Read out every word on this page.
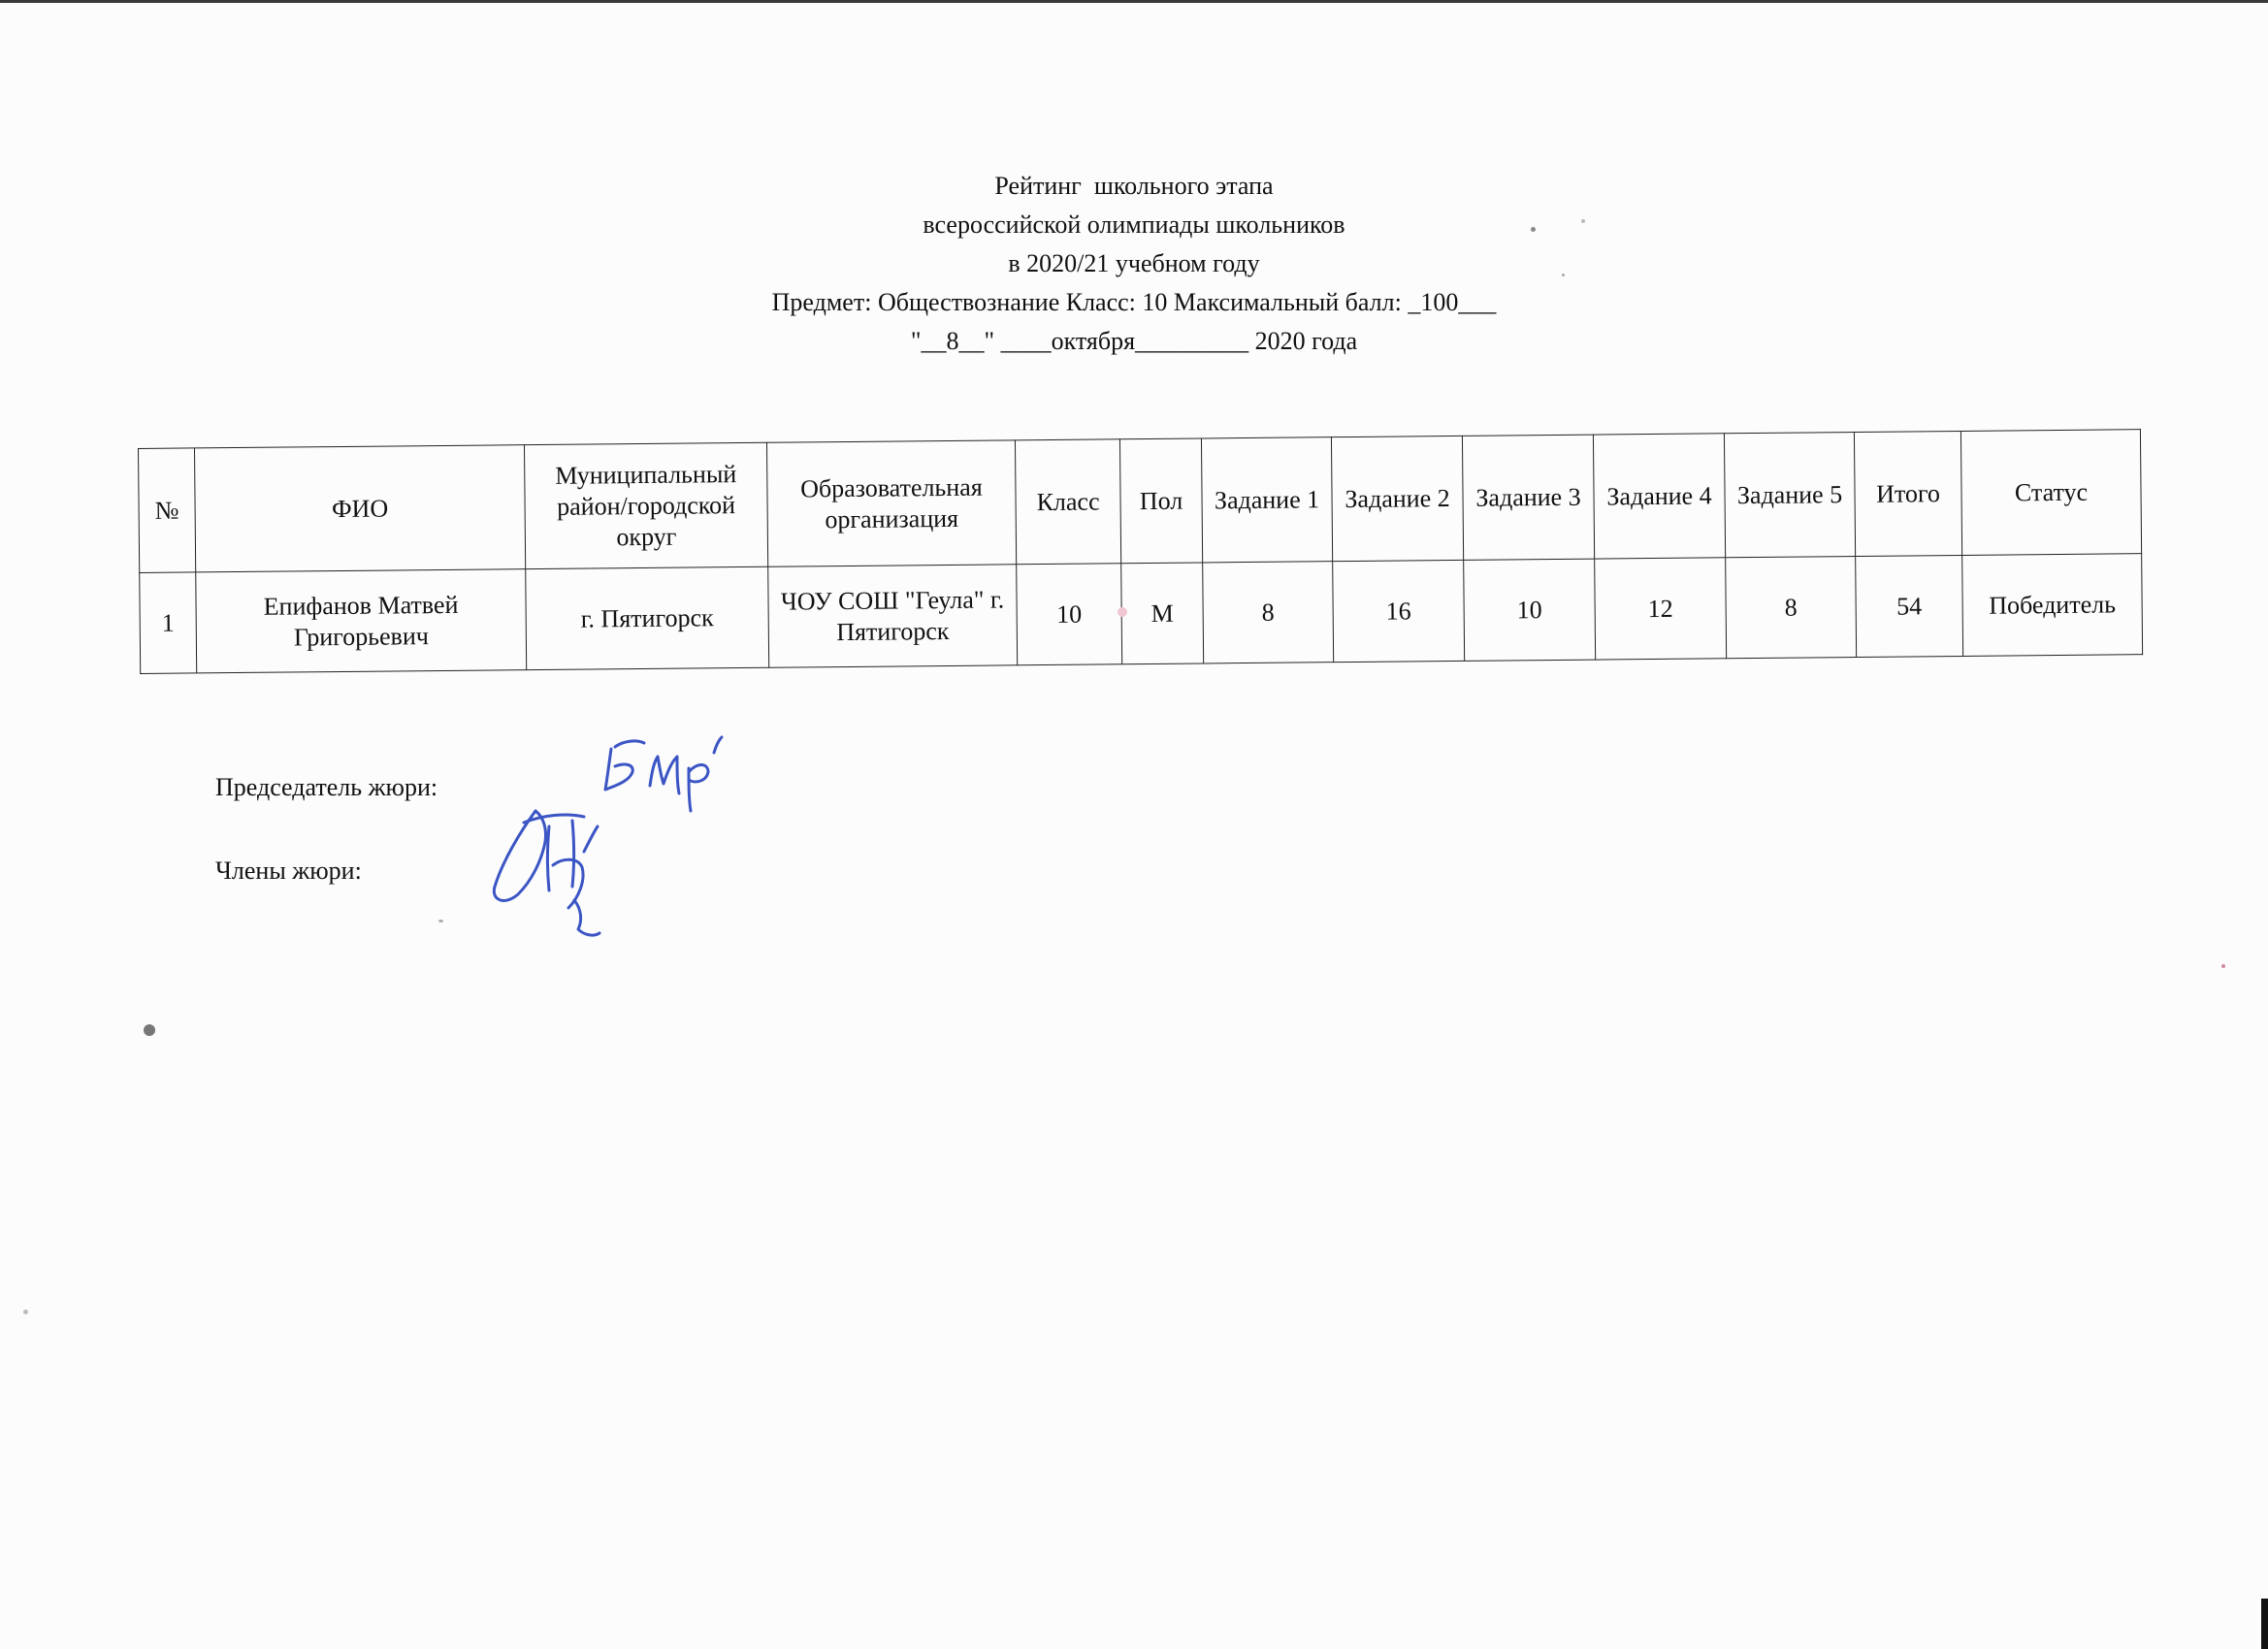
Рейтинг  школьного этапа
всероссийской олимпиады школьников
в 2020/21 учебном году
Предмет: Обществознание Класс: 10 Максимальный балл: _100___
"__8__" ____октября_________ 2020 года
№	ФИО	Муниципальный район/городской округ	Образовательная организация	Класс	Пол	Задание 1	Задание 2	Задание 3	Задание 4	Задание 5	Итого	Статус
1	Епифанов Матвей Григорьевич	г. Пятигорск	ЧОУ СОШ "Геула" г. Пятигорск	10	М	8	16	10	12	8	54	Победитель
Председатель жюри:
Члены жюри:
